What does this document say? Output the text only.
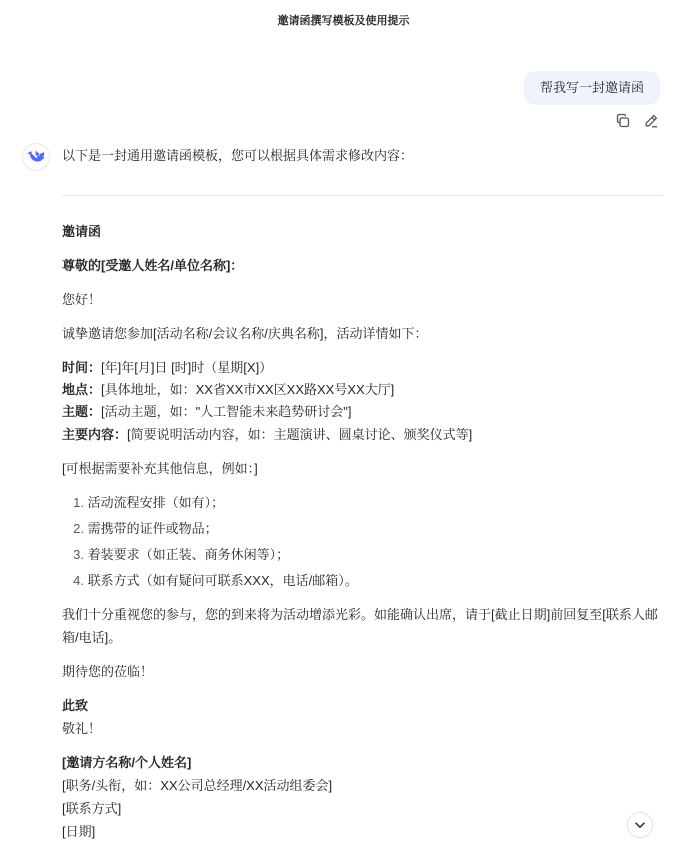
邀请函撰写模板及使用提示
帮我写一封邀请函
以下是一封通用邀请函模板，您可以根据具体需求修改内容：
邀请函
尊敬的[受邀人姓名/单位名称]：
您好！
诚挚邀请您参加[活动名称/会议名称/庆典名称]，活动详情如下：
时间：[年]年[月]日 [时]时（星期[X]）
地点：[具体地址，如：XX省XX市XX区XX路XX号XX大厅]
主题：[活动主题，如："人工智能未来趋势研讨会"]
主要内容：[简要说明活动内容，如：主题演讲、圆桌讨论、颁奖仪式等]
[可根据需要补充其他信息，例如：]
1. 活动流程安排（如有）；
2. 需携带的证件或物品；
3. 着装要求（如正装、商务休闲等）；
4. 联系方式（如有疑问可联系XXX，电话/邮箱）。
我们十分重视您的参与，您的到来将为活动增添光彩。如能确认出席，请于[截止日期]前回复至[联系人邮
箱/电话]。
期待您的莅临！
此致
敬礼！
[邀请方名称/个人姓名]
[职务/头衔，如：XX公司总经理/XX活动组委会]
[联系方式]
[日期]
